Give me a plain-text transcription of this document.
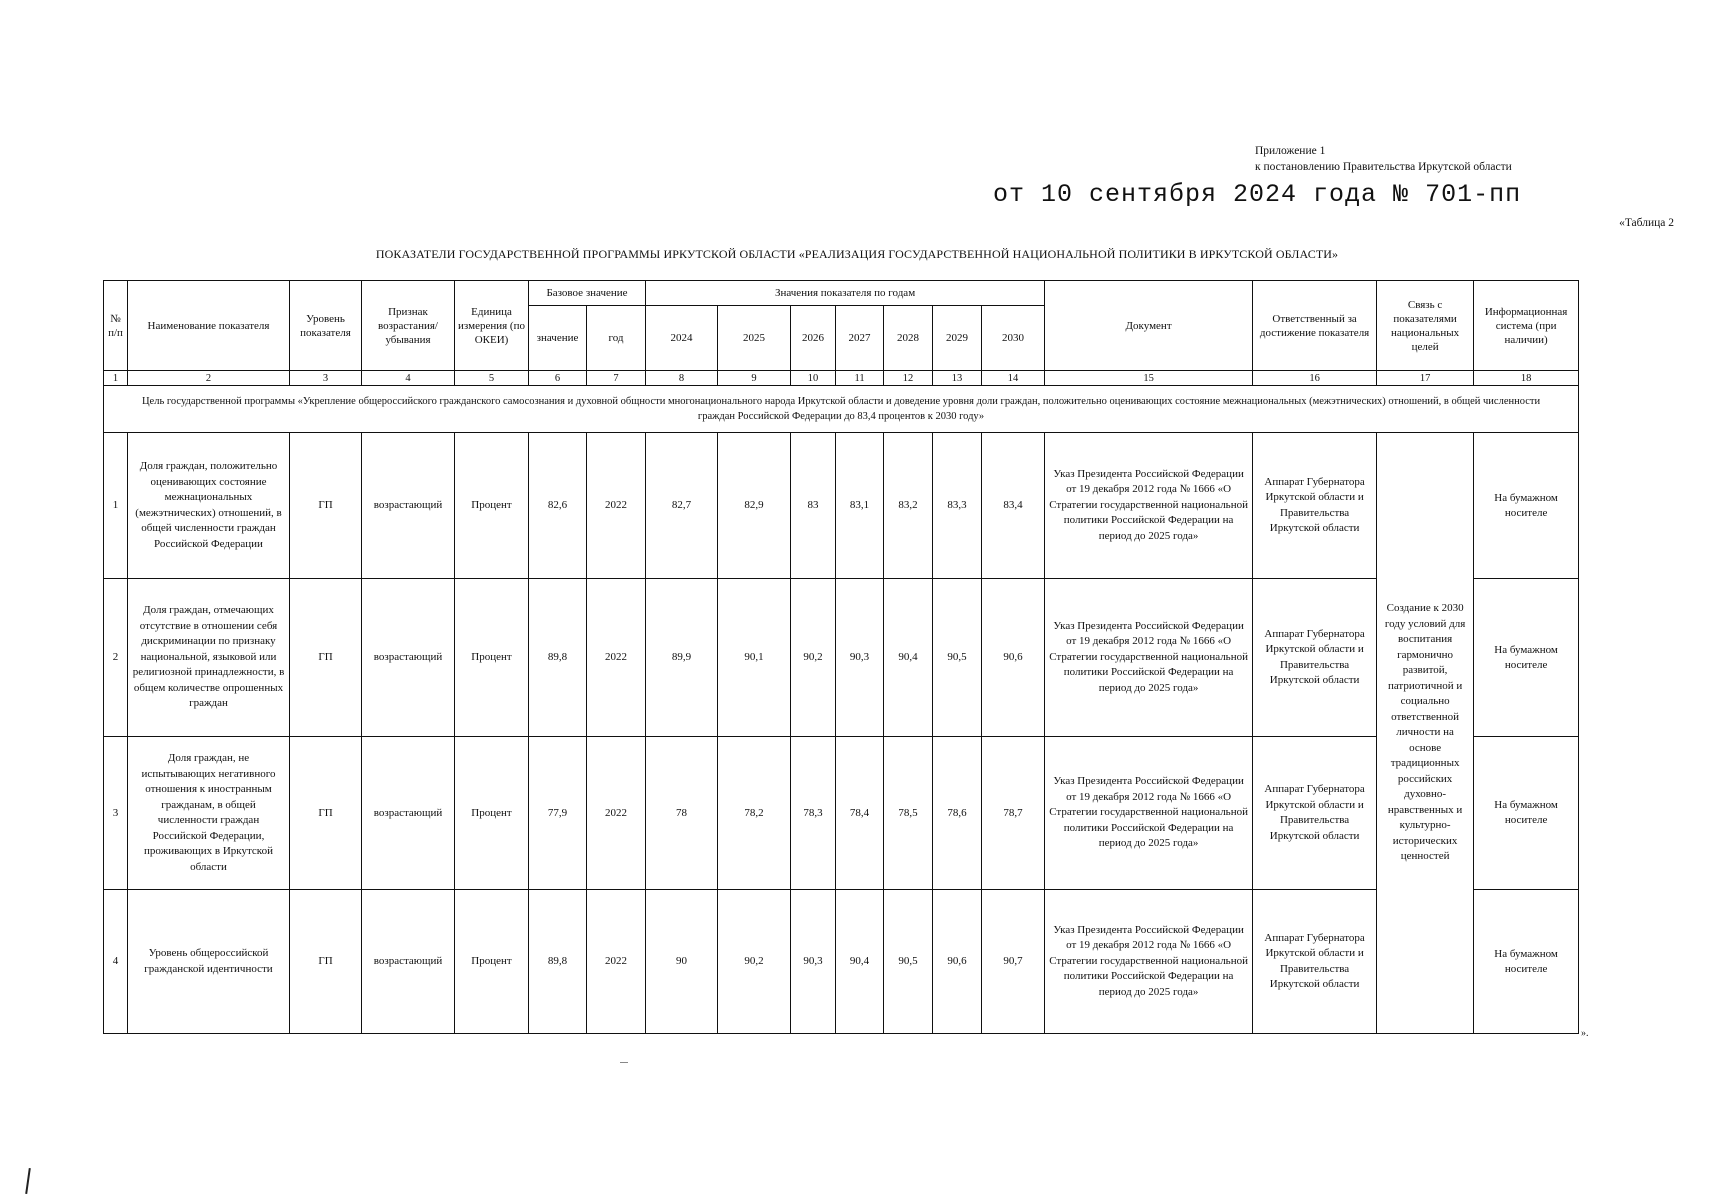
Приложение 1
к постановлению Правительства Иркутской области
от 10 сентября 2024 года № 701-пп
«Таблица 2
ПОКАЗАТЕЛИ ГОСУДАРСТВЕННОЙ ПРОГРАММЫ ИРКУТСКОЙ ОБЛАСТИ «РЕАЛИЗАЦИЯ ГОСУДАРСТВЕННОЙ НАЦИОНАЛЬНОЙ ПОЛИТИКИ В ИРКУТСКОЙ ОБЛАСТИ»
№ п/п	Наименование показателя	Уровень показателя	Признак возрастания/ убывания	Единица измерения (по ОКЕИ)	Базовое значение		Значения показателя по годам							Документ	Ответственный за достижение показателя	Связь с показателями национальных целей	Информационная система (при наличии)
					значение	год	2024	2025	2026	2027	2028	2029	2030				
1	2	3	4	5	6	7	8	9	10	11	12	13	14	15	16	17	18
Цель государственной программы «Укрепление общероссийского гражданского самосознания и духовной общности многонационального народа Иркутской области и доведение уровня доли граждан, положительно оценивающих состояние межнациональных (межэтнических) отношений, в общей численности граждан Российской Федерации до 83,4 процентов к 2030 году»																	
1	Доля граждан, положительно оценивающих состояние межнациональных (межэтнических) отношений, в общей численности граждан Российской Федерации	ГП	возрастающий	Процент	82,6	2022	82,7	82,9	83	83,1	83,2	83,3	83,4	Указ Президента Российской Федерации от 19 декабря 2012 года № 1666 «О Стратегии государственной национальной политики Российской Федерации на период до 2025 года»	Аппарат Губернатора Иркутской области и Правительства Иркутской области	Создание к 2030 году условий для воспитания гармонично развитой, патриотичной и социально ответственной личности на основе традиционных российских духовно-нравственных и культурно-исторических ценностей	На бумажном носителе
2	Доля граждан, отмечающих отсутствие в отношении себя дискриминации по признаку национальной, языковой или религиозной принадлежности, в общем количестве опрошенных граждан	ГП	возрастающий	Процент	89,8	2022	89,9	90,1	90,2	90,3	90,4	90,5	90,6	Указ Президента Российской Федерации от 19 декабря 2012 года № 1666 «О Стратегии государственной национальной политики Российской Федерации на период до 2025 года»	Аппарат Губернатора Иркутской области и Правительства Иркутской области		На бумажном носителе
3	Доля граждан, не испытывающих негативного отношения к иностранным гражданам, в общей численности граждан Российской Федерации, проживающих в Иркутской области	ГП	возрастающий	Процент	77,9	2022	78	78,2	78,3	78,4	78,5	78,6	78,7	Указ Президента Российской Федерации от 19 декабря 2012 года № 1666 «О Стратегии государственной национальной политики Российской Федерации на период до 2025 года»	Аппарат Губернатора Иркутской области и Правительства Иркутской области		На бумажном носителе
4	Уровень общероссийской гражданской идентичности	ГП	возрастающий	Процент	89,8	2022	90	90,2	90,3	90,4	90,5	90,6	90,7	Указ Президента Российской Федерации от 19 декабря 2012 года № 1666 «О Стратегии государственной национальной политики Российской Федерации на период до 2025 года»	Аппарат Губернатора Иркутской области и Правительства Иркутской области		На бумажном носителе
».
